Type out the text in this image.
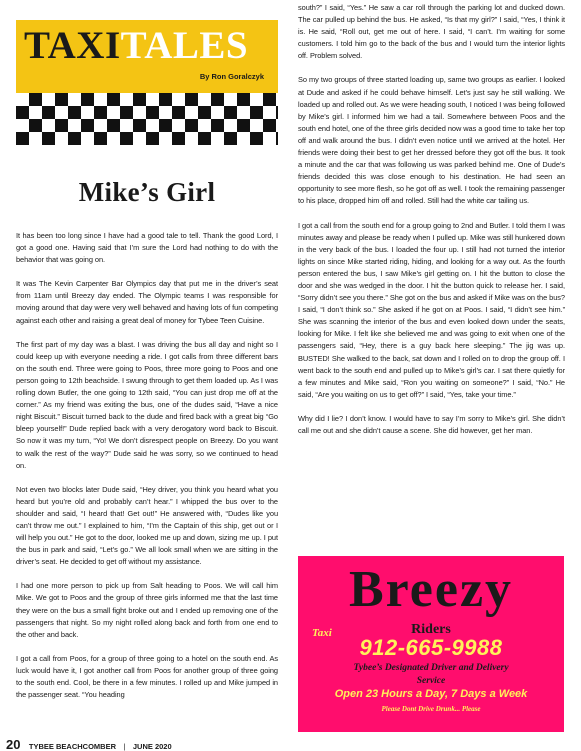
TAXITALES
By Ron Goralczyk
Mike’s Girl

It has been too long since I have had a good tale to tell. Thank the good Lord, I got a good one. Having said that I’m sure the Lord had nothing to do with the behavior that was going on.

It was The Kevin Carpenter Bar Olympics day that put me in the driver’s seat from 11am until Breezy day ended. The Olympic teams I was responsible for moving around that day were very well behaved and having lots of fun competing against each other and raising a great deal of money for Tybee Teen Cuisine.

The first part of my day was a blast. I was driving the bus all day and night so I could keep up with everyone needing a ride. I got calls from three different bars on the south end. Three were going to Poos, three more going to Poos and one person going to 12th beachside. I swung through to get them loaded up. As I was rolling down Butler, the one going to 12th said, “You can just drop me off at the corner.” As my friend was exiting the bus, one of the dudes said, “Have a nice night Biscuit.” Biscuit turned back to the dude and fired back with a great big “Go bleep yourself!” Dude replied back with a very derogatory word back to Biscuit. So now it was my turn, “Yo! We don’t disrespect people on Breezy. Do you want to walk the rest of the way?” Dude said he was sorry, so we continued to head on.

Not even two blocks later Dude said, “Hey driver, you think you heard what you heard but you’re old and probably can’t hear.” I whipped the bus over to the shoulder and said, “I heard that! Get out!” He answered with, “Dudes like you can’t throw me out.” I explained to him, “I’m the Captain of this ship, get out or I will help you out.” He got to the door, looked me up and down, sizing me up. I put the bus in park and said, “Let’s go.” We all look small when we are sitting in the driver’s seat. He decided to get off without my assistance.

I had one more person to pick up from Salt heading to Poos. We will call him Mike. We got to Poos and the group of three girls informed me that the last time they were on the bus a small fight broke out and I ended up removing one of the passengers that night. So my night rolled along back and forth from one end to the other and back.

I got a call from Poos, for a group of three going to a hotel on the south end. As luck would have it, I got another call from Poos for another group of three going to the south end. Cool, be there in a few minutes. I rolled up and Mike jumped in the passenger seat. “You heading

south?” I said, “Yes.” He saw a car roll through the parking lot and ducked down. The car pulled up behind the bus. He asked, “Is that my girl?” I said, “Yes, I think it is. He said, “Roll out, get me out of here. I said, “I can’t. I’m waiting for some customers. I told him go to the back of the bus and I would turn the interior lights off. Problem solved.

So my two groups of three started loading up, same two groups as earlier. I looked at Dude and asked if he could behave himself. Let’s just say he still walking. We loaded up and rolled out. As we were heading south, I noticed I was being followed by Mike’s girl. I informed him we had a tail. Somewhere between Poos and the south end hotel, one of the three girls decided now was a good time to take her top off and walk around the bus. I didn’t even notice until we arrived at the hotel. Her friends were doing their best to get her dressed before they got off the bus. It took a minute and the car that was following us was parked behind me. One of Dude’s friends decided this was close enough to his destination. He had seen an opportunity to see more flesh, so he got off as well. I took the remaining passenger to his place, dropped him off and rolled. Still had the white car tailing us.

I got a call from the south end for a group going to 2nd and Butler. I told them I was minutes away and please be ready when I pulled up. Mike was still hunkered down in the very back of the bus. I loaded the four up. I still had not turned the interior lights on since Mike started riding, hiding, and looking for a way out. As the fourth person entered the bus, I saw Mike’s girl getting on. I hit the button to close the door and she was wedged in the door. I hit the button quick to release her. I said, “Sorry didn’t see you there.” She got on the bus and asked if Mike was on the bus? I said, “I don’t think so.” She asked if he got on at Poos. I said, “I didn’t see him.” She was scanning the interior of the bus and even looked down under the seats, looking for Mike. I felt like she believed me and was going to exit when one of the passengers said, “Hey, there is a guy back here sleeping.” The jig was up. BUSTED! She walked to the back, sat down and I rolled on to drop the group off. I went back to the south end and pulled up to Mike’s girl’s car. I sat there quietly for a few minutes and Mike said, “Ron you waiting on someone?” I said, “No.” He said, “Are you waiting on us to get off?” I said, “Yes, take your time.”

Why did I lie? I don’t know. I would have to say I’m sorry to Mike’s girl. She didn’t call me out and she didn’t cause a scene. She did however, get her man.

Breezy
Taxi	Riders
912-665-9988
Tybee’s Designated Driver and Delivery
Service
Open 23 Hours a Day, 7 Days a Week
Please Dont Drive Drunk... Please
20 TYBEE BEACHCOMBER | JUNE 2020
